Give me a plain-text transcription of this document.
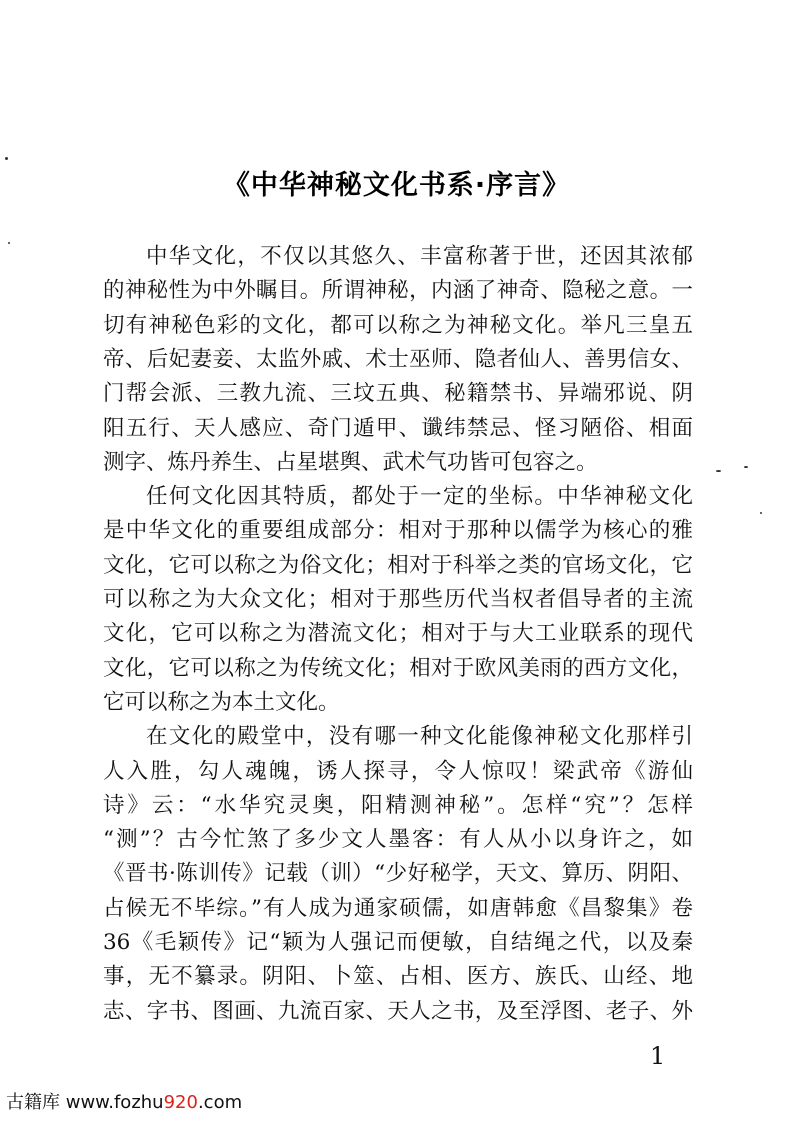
《中华神秘文化书系·序言》
中华文化，不仅以其悠久、丰富称著于世，还因其浓郁
的神秘性为中外瞩目。所谓神秘，内涵了神奇、隐秘之意。一
切有神秘色彩的文化，都可以称之为神秘文化。举凡三皇五
帝、后妃妻妾、太监外戚、术士巫师、隐者仙人、善男信女、
门帮会派、三教九流、三坟五典、秘籍禁书、异端邪说、阴
阳五行、天人感应、奇门遁甲、谶纬禁忌、怪习陋俗、相面
测字、炼丹养生、占星堪舆、武术气功皆可包容之。
任何文化因其特质，都处于一定的坐标。中华神秘文化
是中华文化的重要组成部分：相对于那种以儒学为核心的雅
文化，它可以称之为俗文化；相对于科举之类的官场文化，它
可以称之为大众文化；相对于那些历代当权者倡导者的主流
文化，它可以称之为潜流文化；相对于与大工业联系的现代
文化，它可以称之为传统文化；相对于欧风美雨的西方文化，
它可以称之为本土文化。
在文化的殿堂中，没有哪一种文化能像神秘文化那样引
人入胜，勾人魂魄，诱人探寻，令人惊叹！梁武帝《游仙
诗》云：“水华究灵奥，阳精测神秘”。怎样“究”？怎样
“测”？古今忙煞了多少文人墨客：有人从小以身许之，如
《晋书·陈训传》记载（训）“少好秘学，天文、算历、阴阳、
占候无不毕综。”有人成为通家硕儒，如唐韩愈《昌黎集》卷
36《毛颖传》记“颖为人强记而便敏，自结绳之代，以及秦
事，无不纂录。阴阳、卜筮、占相、医方、族氏、山经、地
1
古籍库 www.fozhu920.com
志、字书、图画、九流百家、天人之书，及至浮图、老子、外
